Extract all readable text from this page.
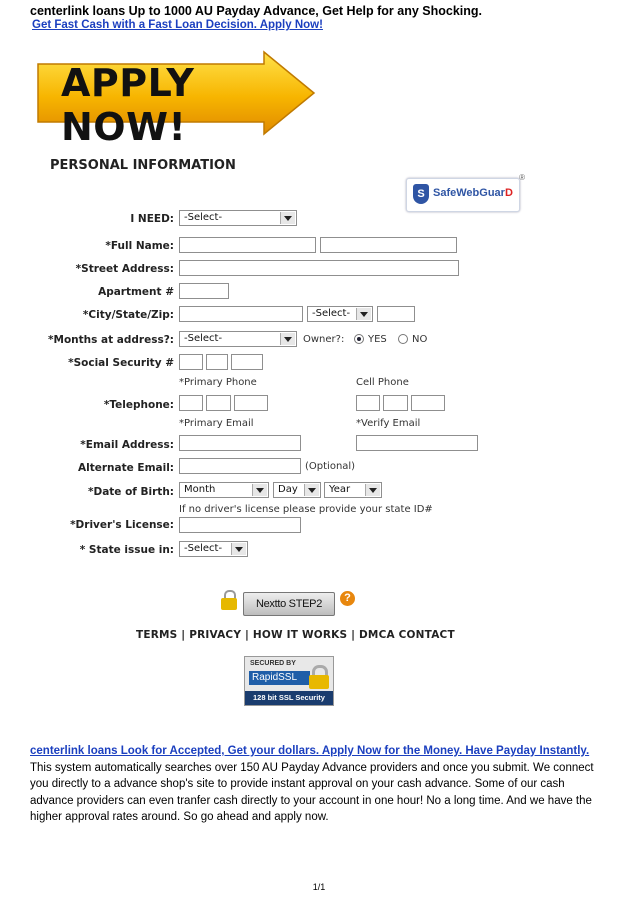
centerlink loans Up to 1000 AU Payday Advance, Get Help for any Shocking.
Get Fast Cash with a Fast Loan Decision. Apply Now!
APPLY NOW!
PERSONAL INFORMATION
S SafeWebGuarD
®
I NEED:	-Select-
*Full Name:
*Street Address:
Apartment #
*City/State/Zip:	-Select-
*Months at address?:	-Select-	Owner?: YES	NO
*Social Security #
*Primary Phone	Cell Phone
*Telephone:
*Primary Email	*Verify Email
*Email Address:
Alternate Email:	(Optional)
*Date of Birth:	Month	Day	Year
If no driver's license please provide your state ID#
*Driver's License:
* State issue in:	-Select-
Nextto STEP2	?
TERMS | PRIVACY | HOW IT WORKS | DMCA CONTACT
SECURED BY
RapidSSL
128 bit SSL Security
centerlink loans Look for Accepted, Get your dollars. Apply Now for the Money. Have Payday Instantly. This system automatically searches over 150 AU Payday Advance providers and once you submit. We connect you directly to a advance shop's site to provide instant approval on your cash advance. Some of our cash advance providers can even tranfer cash directly to your account in one hour! No a long time. And we have the higher approval rates around. So go ahead and apply now.
1/1
